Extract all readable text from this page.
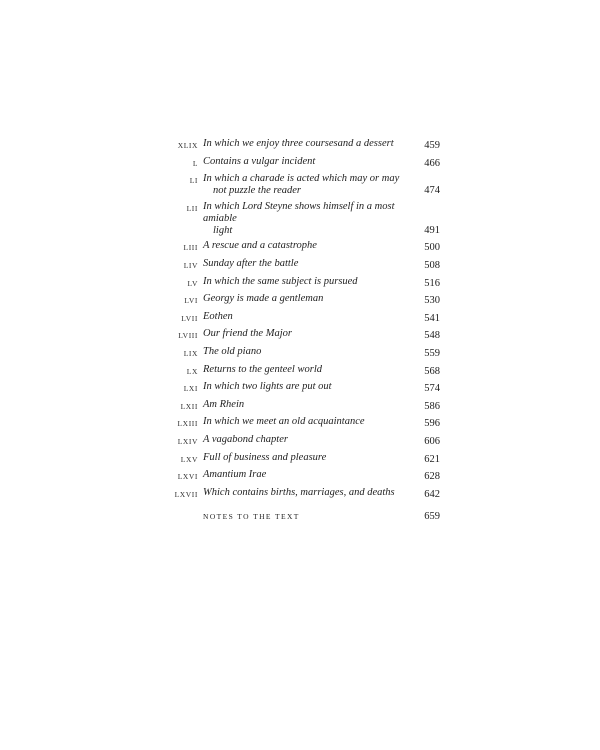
XLIX In which we enjoy three coursesand a dessert	459
L Contains a vulgar incident	466
LI In which a charade is acted which may or may
not puzzle the reader	474
LII In which Lord Steyne shows himself in a most amiable
light	491
LIII A rescue and a catastrophe	500
LIV Sunday after the battle	508
LV In which the same subject is pursued	516
LVI Georgy is made a gentleman	530
LVII Eothen	541
LVIII Our friend the Major	548
LIX The old piano	559
LX Returns to the genteel world	568
LXI In which two lights are put out	574
LXII Am Rhein	586
LXIII In which we meet an old acquaintance	596
LXIV A vagabond chapter	606
LXV Full of business and pleasure	621
LXVI Amantium Irae	628
LXVII Which contains births, marriages, and deaths	642
NOTES TO THE TEXT	659
